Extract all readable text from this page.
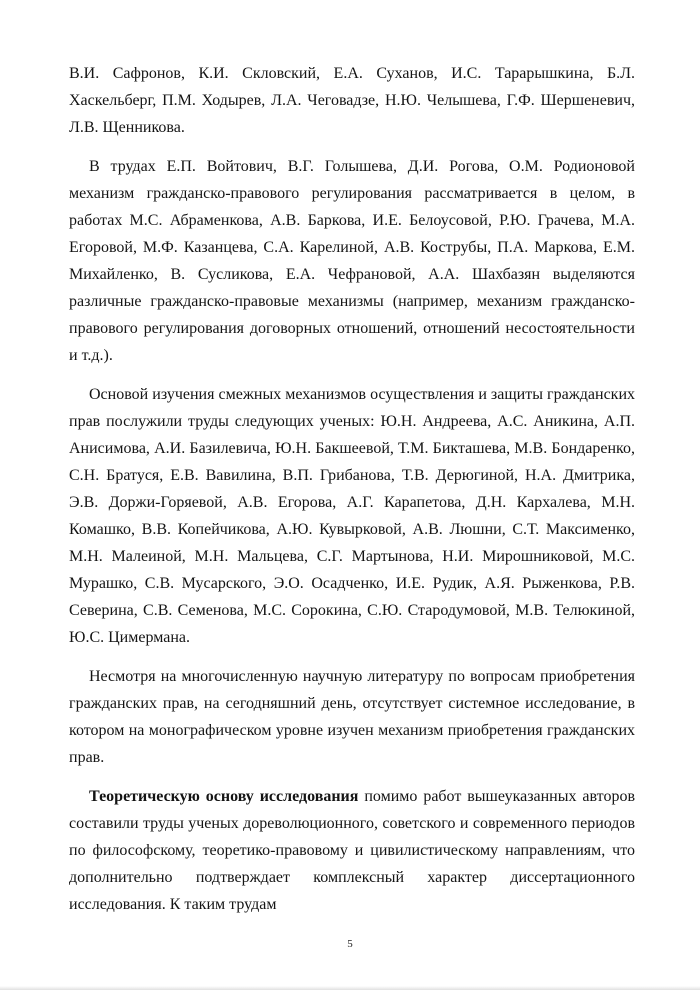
В.И. Сафронов, К.И. Скловский, Е.А. Суханов, И.С. Тарарышкина, Б.Л. Хаскельберг, П.М. Ходырев, Л.А. Чеговадзе, Н.Ю. Челышева, Г.Ф. Шершеневич, Л.В. Щенникова.

В трудах Е.П. Войтович, В.Г. Голышева, Д.И. Рогова, О.М. Родионовой механизм гражданско-правового регулирования рассматривается в целом, в работах М.С. Абраменкова, А.В. Баркова, И.Е. Белоусовой, Р.Ю. Грачева, М.А. Егоровой, М.Ф. Казанцева, С.А. Карелиной, А.В. Кострубы, П.А. Маркова, Е.М. Михайленко, В. Сусликова, Е.А. Чефрановой, А.А. Шахбазян выделяются различные гражданско-правовые механизмы (например, механизм гражданско-правового регулирования договорных отношений, отношений несостоятельности и т.д.).

Основой изучения смежных механизмов осуществления и защиты гражданских прав послужили труды следующих ученых: Ю.Н. Андреева, А.С. Аникина, А.П. Анисимова, А.И. Базилевича, Ю.Н. Бакшеевой, Т.М. Бикташева, М.В. Бондаренко, С.Н. Братуся, Е.В. Вавилина, В.П. Грибанова, Т.В. Дерюгиной, Н.А. Дмитрика, Э.В. Доржи-Горяевой, А.В. Егорова, А.Г. Карапетова, Д.Н. Кархалева, М.Н. Комашко, В.В. Копейчикова, А.Ю. Кувырковой, А.В. Люшни, С.Т. Максименко, М.Н. Малеиной, М.Н. Мальцева, С.Г. Мартынова, Н.И. Мирошниковой, М.С. Мурашко, С.В. Мусарского, Э.О. Осадченко, И.Е. Рудик, А.Я. Рыженкова, Р.В. Северина, С.В. Семенова, М.С. Сорокина, С.Ю. Стародумовой, М.В. Телюкиной, Ю.С. Цимермана.

Несмотря на многочисленную научную литературу по вопросам приобретения гражданских прав, на сегодняшний день, отсутствует системное исследование, в котором на монографическом уровне изучен механизм приобретения гражданских прав.

Теоретическую основу исследования помимо работ вышеуказанных авторов составили труды ученых дореволюционного, советского и современного периодов по философскому, теоретико-правовому и цивилистическому направлениям, что дополнительно подтверждает комплексный характер диссертационного исследования. К таким трудам

5
